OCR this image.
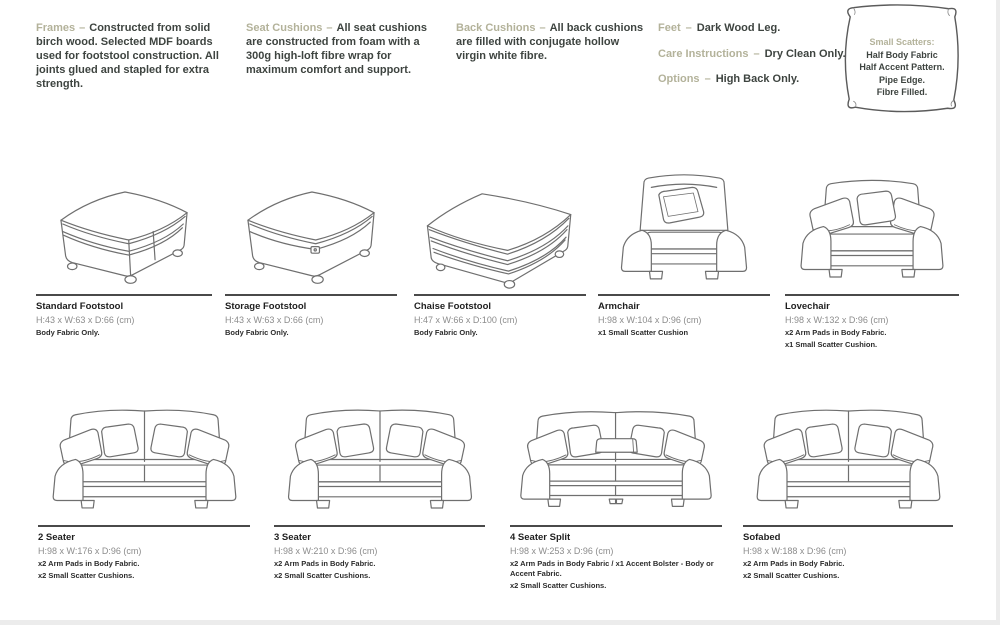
Frames – Constructed from solid birch wood. Selected MDF boards used for footstool construction. All joints glued and stapled for extra strength.

Seat Cushions – All seat cushions are constructed from foam with a 300g high-loft fibre wrap for maximum comfort and support.

Back Cushions – All back cushions are filled with conjugate hollow virgin white fibre.

Feet – Dark Wood Leg.

Care Instructions – Dry Clean Only.

Options – High Back Only.

Small Scatters:
Half Body Fabric
Half Accent Pattern.
Pipe Edge.
Fibre Filled.
Standard Footstool
H:43 x W:63 x D:66 (cm)
Body Fabric Only.
Storage Footstool
H:43 x W:63 x D:66 (cm)
Body Fabric Only.
Chaise Footstool
H:47 x W:66 x D:100 (cm)
Body Fabric Only.
Armchair
H:98 x W:104 x D:96 (cm)
x1 Small Scatter Cushion
Lovechair
H:98 x W:132 x D:96 (cm)
x2 Arm Pads in Body Fabric.
x1 Small Scatter Cushion.
2 Seater
H:98 x W:176 x D:96 (cm)
x2 Arm Pads in Body Fabric.
x2 Small Scatter Cushions.
3 Seater
H:98 x W:210 x D:96 (cm)
x2 Arm Pads in Body Fabric.
x2 Small Scatter Cushions.
4 Seater Split
H:98 x W:253 x D:96 (cm)
x2 Arm Pads in Body Fabric / x1 Accent Bolster - Body or Accent Fabric.
x2 Small Scatter Cushions.
Sofabed
H:98 x W:188 x D:96 (cm)
x2 Arm Pads in Body Fabric.
x2 Small Scatter Cushions.
